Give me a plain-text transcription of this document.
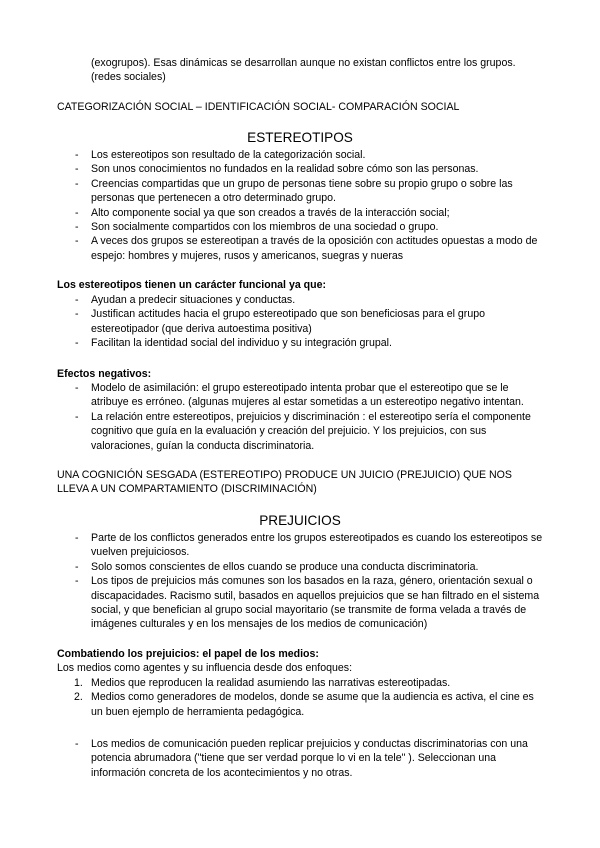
(exogrupos). Esas dinámicas se desarrollan aunque no existan conflictos entre los grupos.

(redes sociales)

CATEGORIZACIÓN SOCIAL – IDENTIFICACIÓN SOCIAL- COMPARACIÓN SOCIAL
ESTEREOTIPOS
- Los estereotipos son resultado de la categorización social.
- Son unos conocimientos no fundados en la realidad sobre cómo son las personas.
- Creencias compartidas que un grupo de personas tiene sobre su propio grupo o sobre las personas que pertenecen a otro determinado grupo.
- Alto componente social ya que son creados a través de la interacción social;
- Son socialmente compartidos con los miembros de una sociedad o grupo.
- A veces dos grupos se estereotipan a través de la oposición con actitudes opuestas a modo de espejo: hombres y mujeres, rusos y americanos, suegras y nueras
Los estereotipos tienen un carácter funcional ya que:
- Ayudan a predecir situaciones y conductas.
- Justifican actitudes hacia el grupo estereotipado que son beneficiosas para el grupo estereotipador (que deriva autoestima positiva)
- Facilitan la identidad social del individuo y su integración grupal.
Efectos negativos:
- Modelo de asimilación: el grupo estereotipado intenta probar que el estereotipo que se le atribuye es erróneo. (algunas mujeres al estar sometidas a un estereotipo negativo intentan.
- La relación entre estereotipos, prejuicios y discriminación : el estereotipo sería el componente cognitivo que guía en la evaluación y creación del prejuicio. Y los prejuicios, con sus valoraciones, guían la conducta discriminatoria.
UNA COGNICIÓN SESGADA (ESTEREOTIPO) PRODUCE UN JUICIO (PREJUICIO) QUE NOS LLEVA A UN COMPARTAMIENTO (DISCRIMINACIÓN)
PREJUICIOS
- Parte de los conflictos generados entre los grupos estereotipados es cuando los estereotipos se vuelven prejuiciosos.
- Solo somos conscientes de ellos cuando se produce una conducta discriminatoria.
- Los tipos de prejuicios más comunes son los basados en la raza, género, orientación sexual o discapacidades. Racismo sutil, basados en aquellos prejuicios que se han filtrado en el sistema social, y que benefician al grupo social mayoritario (se transmite de forma velada a través de imágenes culturales y en los mensajes de los medios de comunicación)
Combatiendo los prejuicios: el papel de los medios:
Los medios como agentes y su influencia desde dos enfoques:
1. Medios que reproducen la realidad asumiendo las narrativas estereotipadas.
2. Medios como generadores de modelos, donde se asume que la audiencia es activa, el cine es un buen ejemplo de herramienta pedagógica.
- Los medios de comunicación pueden replicar prejuicios y conductas discriminatorias con una potencia abrumadora ("tiene que ser verdad porque lo vi en la tele" ). Seleccionan una información concreta de los acontecimientos y no otras.
